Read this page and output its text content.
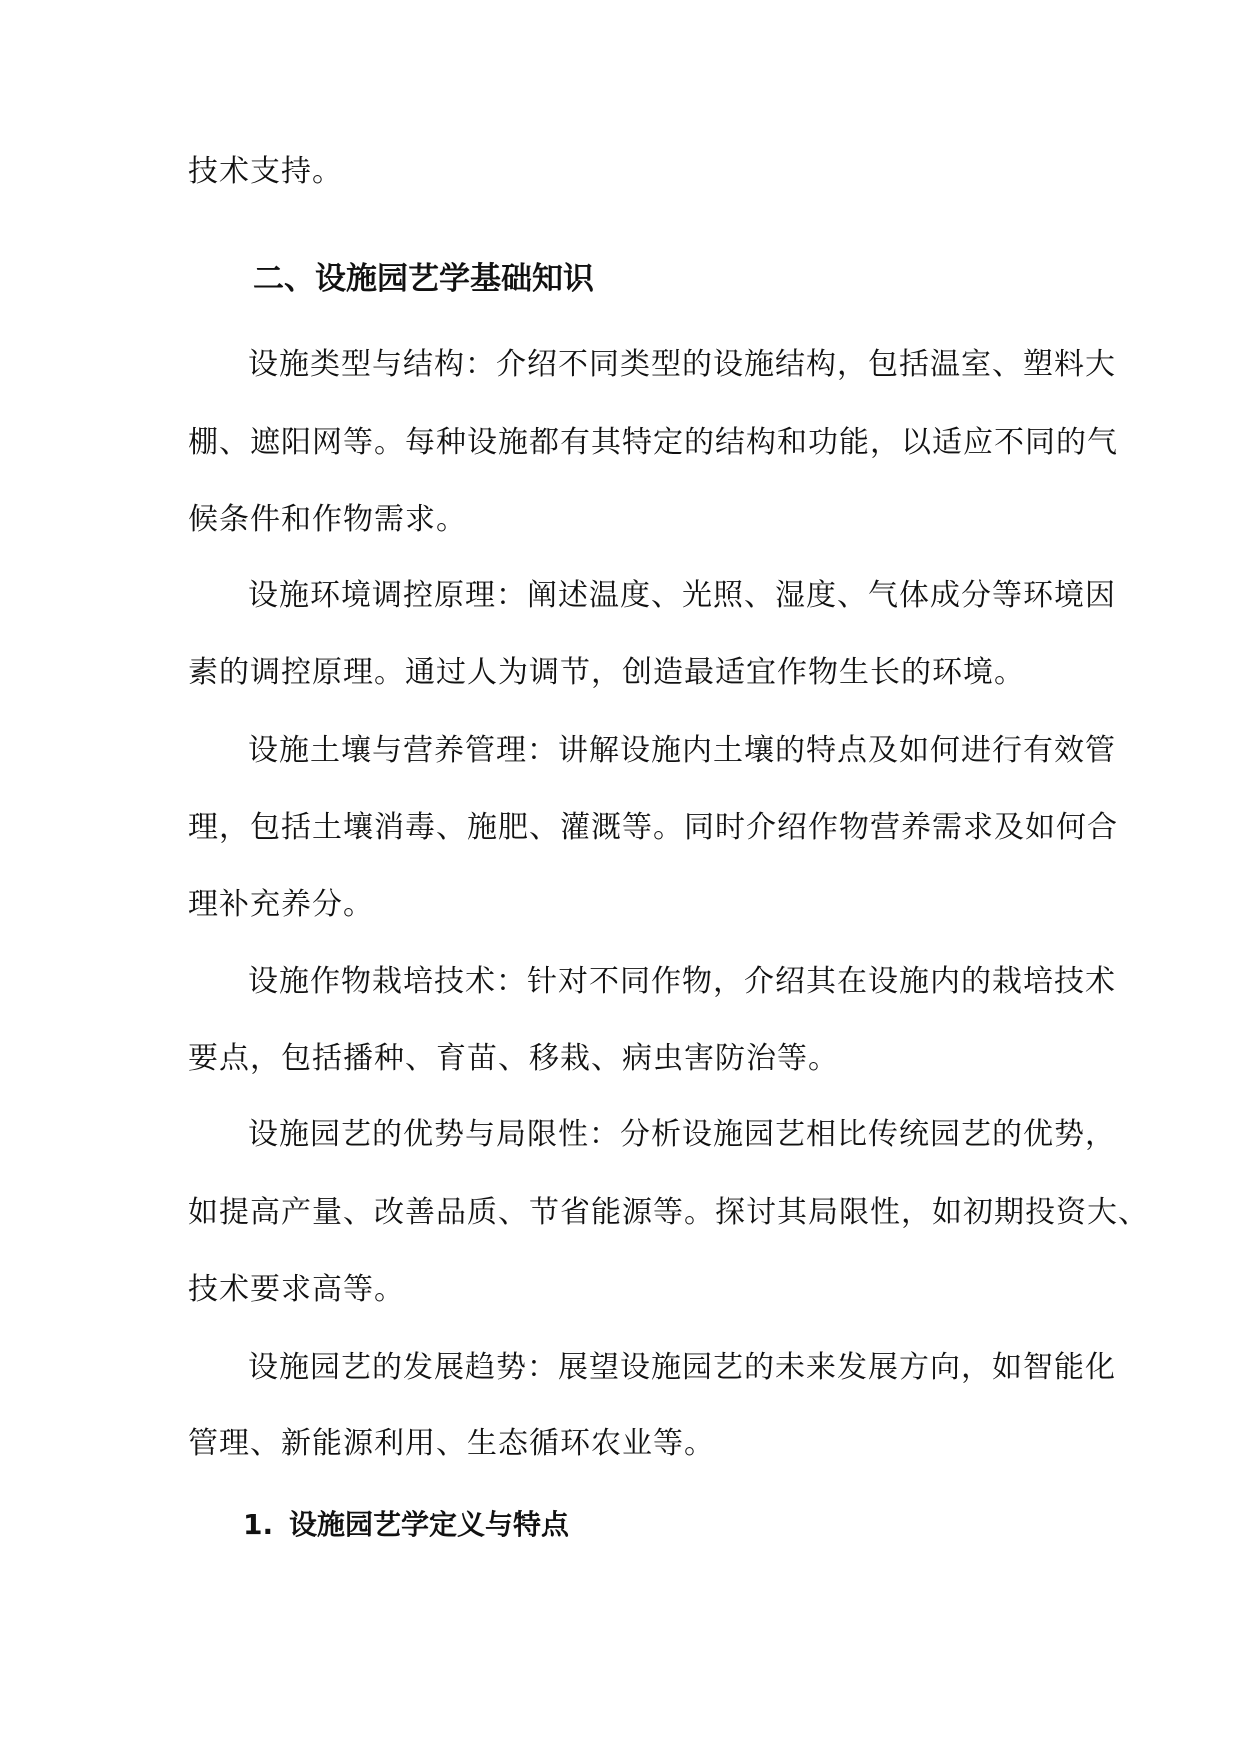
技术支持。
二、设施园艺学基础知识
设施类型与结构：介绍不同类型的设施结构，包括温室、塑料大
棚、遮阳网等。每种设施都有其特定的结构和功能，以适应不同的气
候条件和作物需求。
设施环境调控原理：阐述温度、光照、湿度、气体成分等环境因
素的调控原理。通过人为调节，创造最适宜作物生长的环境。
设施土壤与营养管理：讲解设施内土壤的特点及如何进行有效管
理，包括土壤消毒、施肥、灌溉等。同时介绍作物营养需求及如何合
理补充养分。
设施作物栽培技术：针对不同作物，介绍其在设施内的栽培技术
要点，包括播种、育苗、移栽、病虫害防治等。
设施园艺的优势与局限性：分析设施园艺相比传统园艺的优势，
如提高产量、改善品质、节省能源等。探讨其局限性，如初期投资大、
技术要求高等。
设施园艺的发展趋势：展望设施园艺的未来发展方向，如智能化
管理、新能源利用、生态循环农业等。
1. 设施园艺学定义与特点
